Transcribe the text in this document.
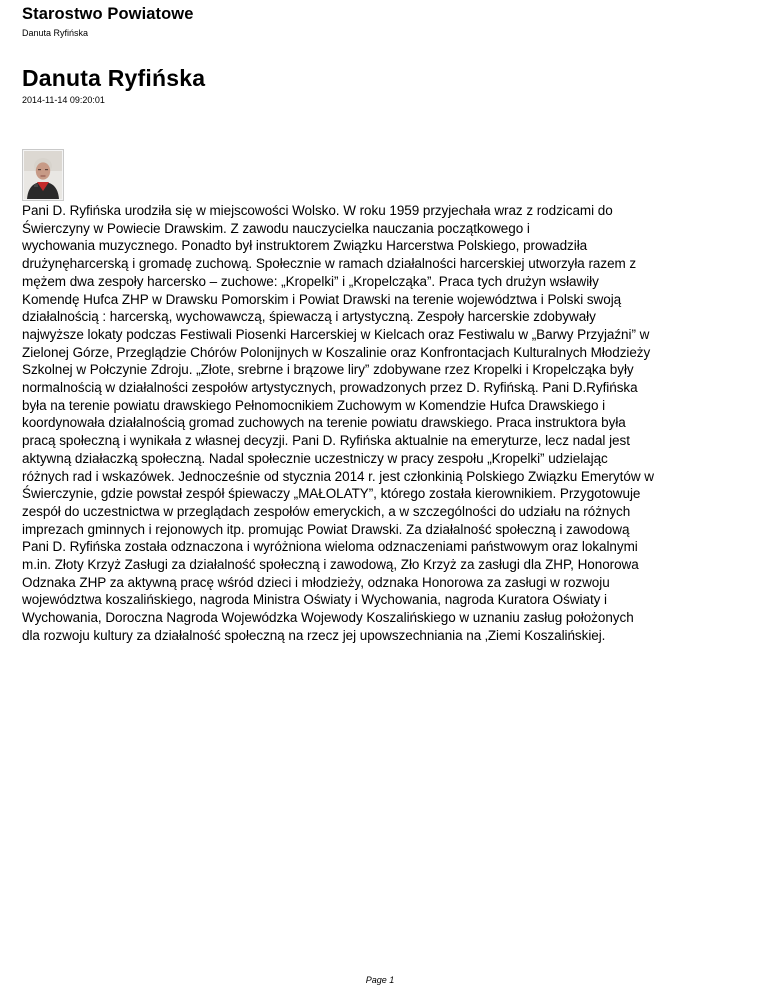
Starostwo Powiatowe
Danuta Ryfińska
Danuta Ryfińska
2014-11-14 09:20:01
Pani D. Ryfińska urodziła się w miejscowości Wolsko. W roku 1959 przyjechała wraz z rodzicami do
Świerczyny w Powiecie Drawskim. Z zawodu nauczycielka nauczania początkowego i
wychowania muzycznego. Ponadto był instruktorem Związku Harcerstwa Polskiego, prowadziła
drużynęharcerską i gromadę zuchową. Społecznie w ramach działalności harcerskiej utworzyła razem z
mężem dwa zespoły harcersko – zuchowe: „Kropelki” i „Kropelcząka”. Praca tych drużyn wsławiły
Komendę Hufca ZHP w Drawsku Pomorskim i Powiat Drawski na terenie województwa i Polski swoją
działalnością : harcerską, wychowawczą, śpiewaczą i artystyczną. Zespoły harcerskie zdobywały
najwyższe lokaty podczas Festiwali Piosenki Harcerskiej w Kielcach oraz Festiwalu w „Barwy Przyjaźni” w
Zielonej Górze, Przeglądzie Chórów Polonijnych w Koszalinie oraz Konfrontacjach Kulturalnych Młodzieży
Szkolnej w Połczynie Zdroju. „Złote, srebrne i brązowe liry” zdobywane rzez Kropelki i Kropelcząka były
normalnością w działalności zespołów artystycznych, prowadzonych przez D. Ryfińską. Pani D.Ryfińska
była na terenie powiatu drawskiego Pełnomocnikiem Zuchowym w Komendzie Hufca Drawskiego i
koordynowała działalnością gromad zuchowych na terenie powiatu drawskiego. Praca instruktora była
pracą społeczną i wynikała z własnej decyzji. Pani D. Ryfińska aktualnie na emeryturze, lecz nadal jest
aktywną działaczką społeczną. Nadal społecznie uczestniczy w pracy zespołu „Kropelki” udzielając
różnych rad i wskazówek. Jednocześnie od stycznia 2014 r. jest członkinią Polskiego Związku Emerytów w
Świerczynie, gdzie powstał zespół śpiewaczy „MAŁOLATY”, którego została kierownikiem. Przygotowuje
zespół do uczestnictwa w przeglądach zespołów emeryckich, a w szczególności do udziału na różnych
imprezach gminnych i rejonowych itp. promując Powiat Drawski. Za działalność społeczną i zawodową
Pani D. Ryfińska została odznaczona i wyróżniona wieloma odznaczeniami państwowym oraz lokalnymi
m.in. Złoty Krzyż Zasługi za działalność społeczną i zawodową, Zło Krzyż za zasługi dla ZHP, Honorowa
Odznaka ZHP za aktywną pracę wśród dzieci i młodzieży, odznaka Honorowa za zasługi w rozwoju
województwa koszalińskiego, nagroda Ministra Oświaty i Wychowania, nagroda Kuratora Oświaty i
Wychowania, Doroczna Nagroda Wojewódzka Wojewody Koszalińskiego w uznaniu zasług położonych
dla rozwoju kultury za działalność społeczną na rzecz jej upowszechniania na ‚Ziemi Koszalińskiej.
Page 1
